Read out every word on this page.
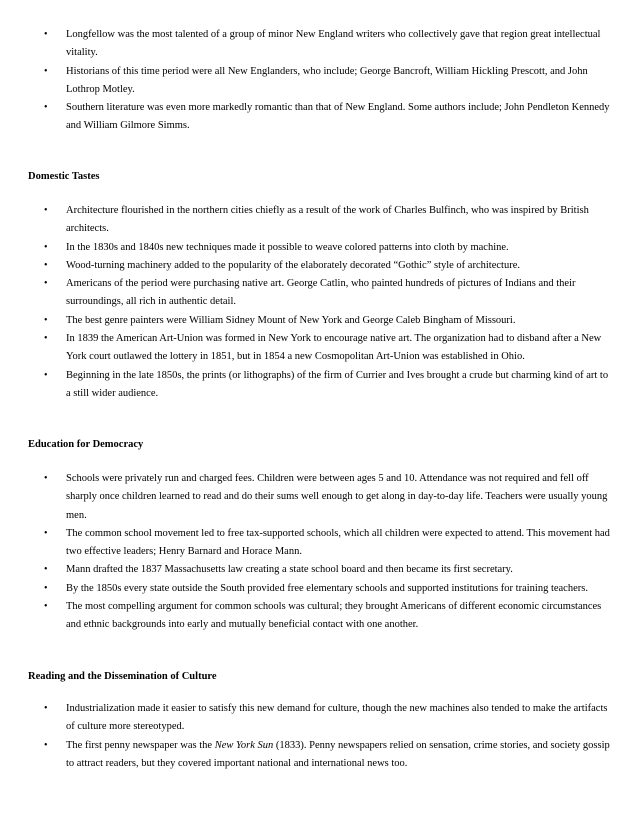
• Longfellow was the most talented of a group of minor New England writers who collectively gave that region great intellectual vitality.
• Historians of this time period were all New Englanders, who include; George Bancroft, William Hickling Prescott, and John Lothrop Motley.
• Southern literature was even more markedly romantic than that of New England. Some authors include; John Pendleton Kennedy and William Gilmore Simms.
Domestic Tastes
• Architecture flourished in the northern cities chiefly as a result of the work of Charles Bulfinch, who was inspired by British architects.
• In the 1830s and 1840s new techniques made it possible to weave colored patterns into cloth by machine.
• Wood-turning machinery added to the popularity of the elaborately decorated “Gothic” style of architecture.
• Americans of the period were purchasing native art. George Catlin, who painted hundreds of pictures of Indians and their surroundings, all rich in authentic detail.
• The best genre painters were William Sidney Mount of New York and George Caleb Bingham of Missouri.
• In 1839 the American Art-Union was formed in New York to encourage native art. The organization had to disband after a New York court outlawed the lottery in 1851, but in 1854 a new Cosmopolitan Art-Union was established in Ohio.
• Beginning in the late 1850s, the prints (or lithographs) of the firm of Currier and Ives brought a crude but charming kind of art to a still wider audience.
Education for Democracy
• Schools were privately run and charged fees. Children were between ages 5 and 10. Attendance was not required and fell off sharply once children learned to read and do their sums well enough to get along in day-to-day life. Teachers were usually young men.
• The common school movement led to free tax-supported schools, which all children were expected to attend. This movement had two effective leaders; Henry Barnard and Horace Mann.
• Mann drafted the 1837 Massachusetts law creating a state school board and then became its first secretary.
• By the 1850s every state outside the South provided free elementary schools and supported institutions for training teachers.
• The most compelling argument for common schools was cultural; they brought Americans of different economic circumstances and ethnic backgrounds into early and mutually beneficial contact with one another.
Reading and the Dissemination of Culture
• Industrialization made it easier to satisfy this new demand for culture, though the new machines also tended to make the artifacts of culture more stereotyped.
• The first penny newspaper was the New York Sun (1833). Penny newspapers relied on sensation, crime stories, and society gossip to attract readers, but they covered important national and international news too.
